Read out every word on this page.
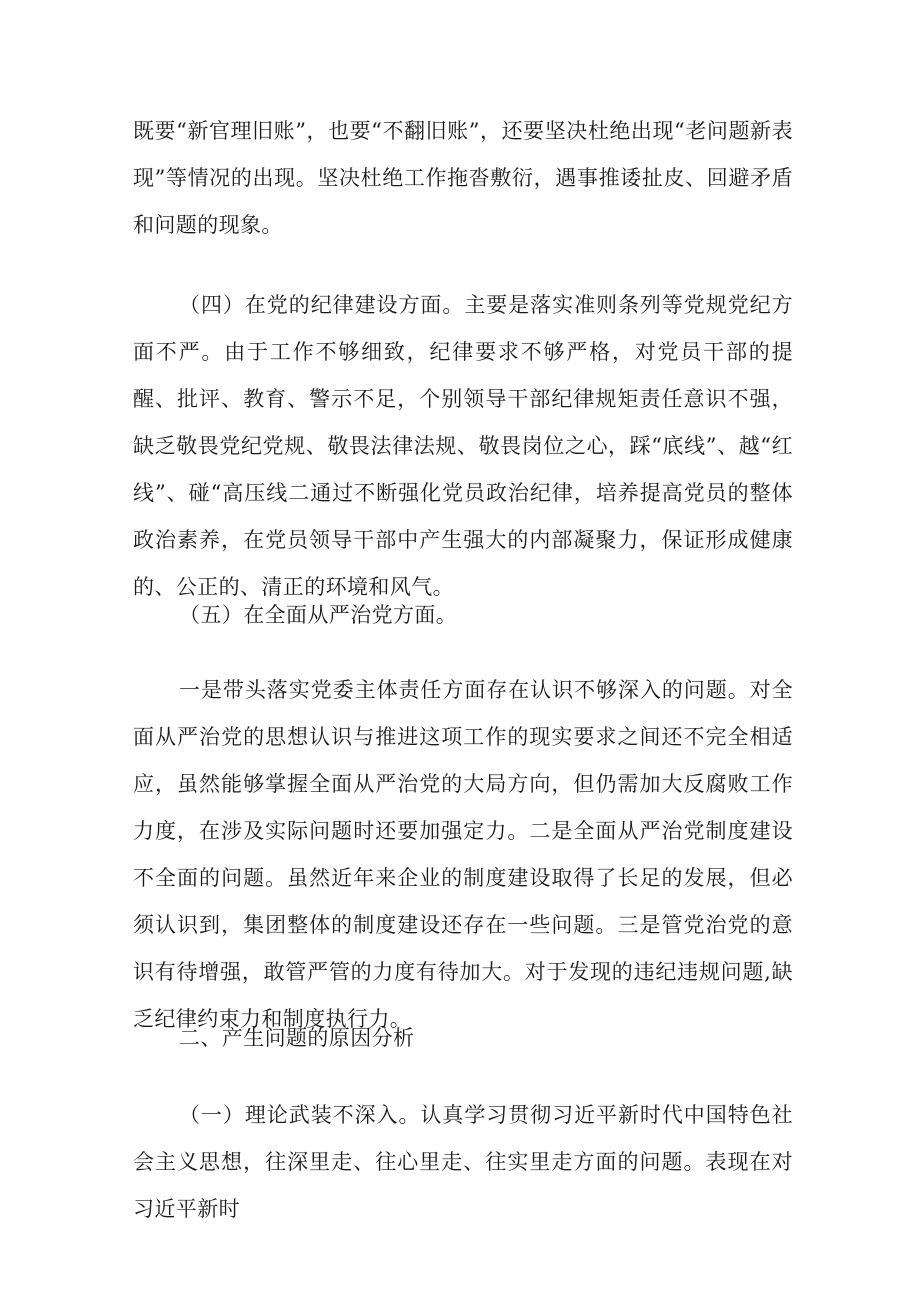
既要“新官理旧账”，也要“不翻旧账”，还要坚决杜绝出现“老问题新表现”等情况的出现。坚决杜绝工作拖沓敷衍，遇事推诿扯皮、回避矛盾和问题的现象。

（四）在党的纪律建设方面。主要是落实准则条列等党规党纪方面不严。由于工作不够细致，纪律要求不够严格，对党员干部的提醒、批评、教育、警示不足，个别领导干部纪律规矩责任意识不强，缺乏敬畏党纪党规、敬畏法律法规、敬畏岗位之心，踩“底线”、越“红线”、碰“高压线二通过不断强化党员政治纪律，培养提高党员的整体政治素养，在党员领导干部中产生强大的内部凝聚力，保证形成健康的、公正的、清正的环境和风气。

（五）在全面从严治党方面。

一是带头落实党委主体责任方面存在认识不够深入的问题。对全面从严治党的思想认识与推进这项工作的现实要求之间还不完全相适应，虽然能够掌握全面从严治党的大局方向，但仍需加大反腐败工作力度，在涉及实际问题时还要加强定力。二是全面从严治党制度建设不全面的问题。虽然近年来企业的制度建设取得了长足的发展，但必须认识到，集团整体的制度建设还存在一些问题。三是管党治党的意识有待增强，敢管严管的力度有待加大。对于发现的违纪违规问题,缺乏纪律约束力和制度执行力。

二、产生问题的原因分析

（一）理论武装不深入。认真学习贯彻习近平新时代中国特色社会主义思想，往深里走、往心里走、往实里走方面的问题。表现在对习近平新时
